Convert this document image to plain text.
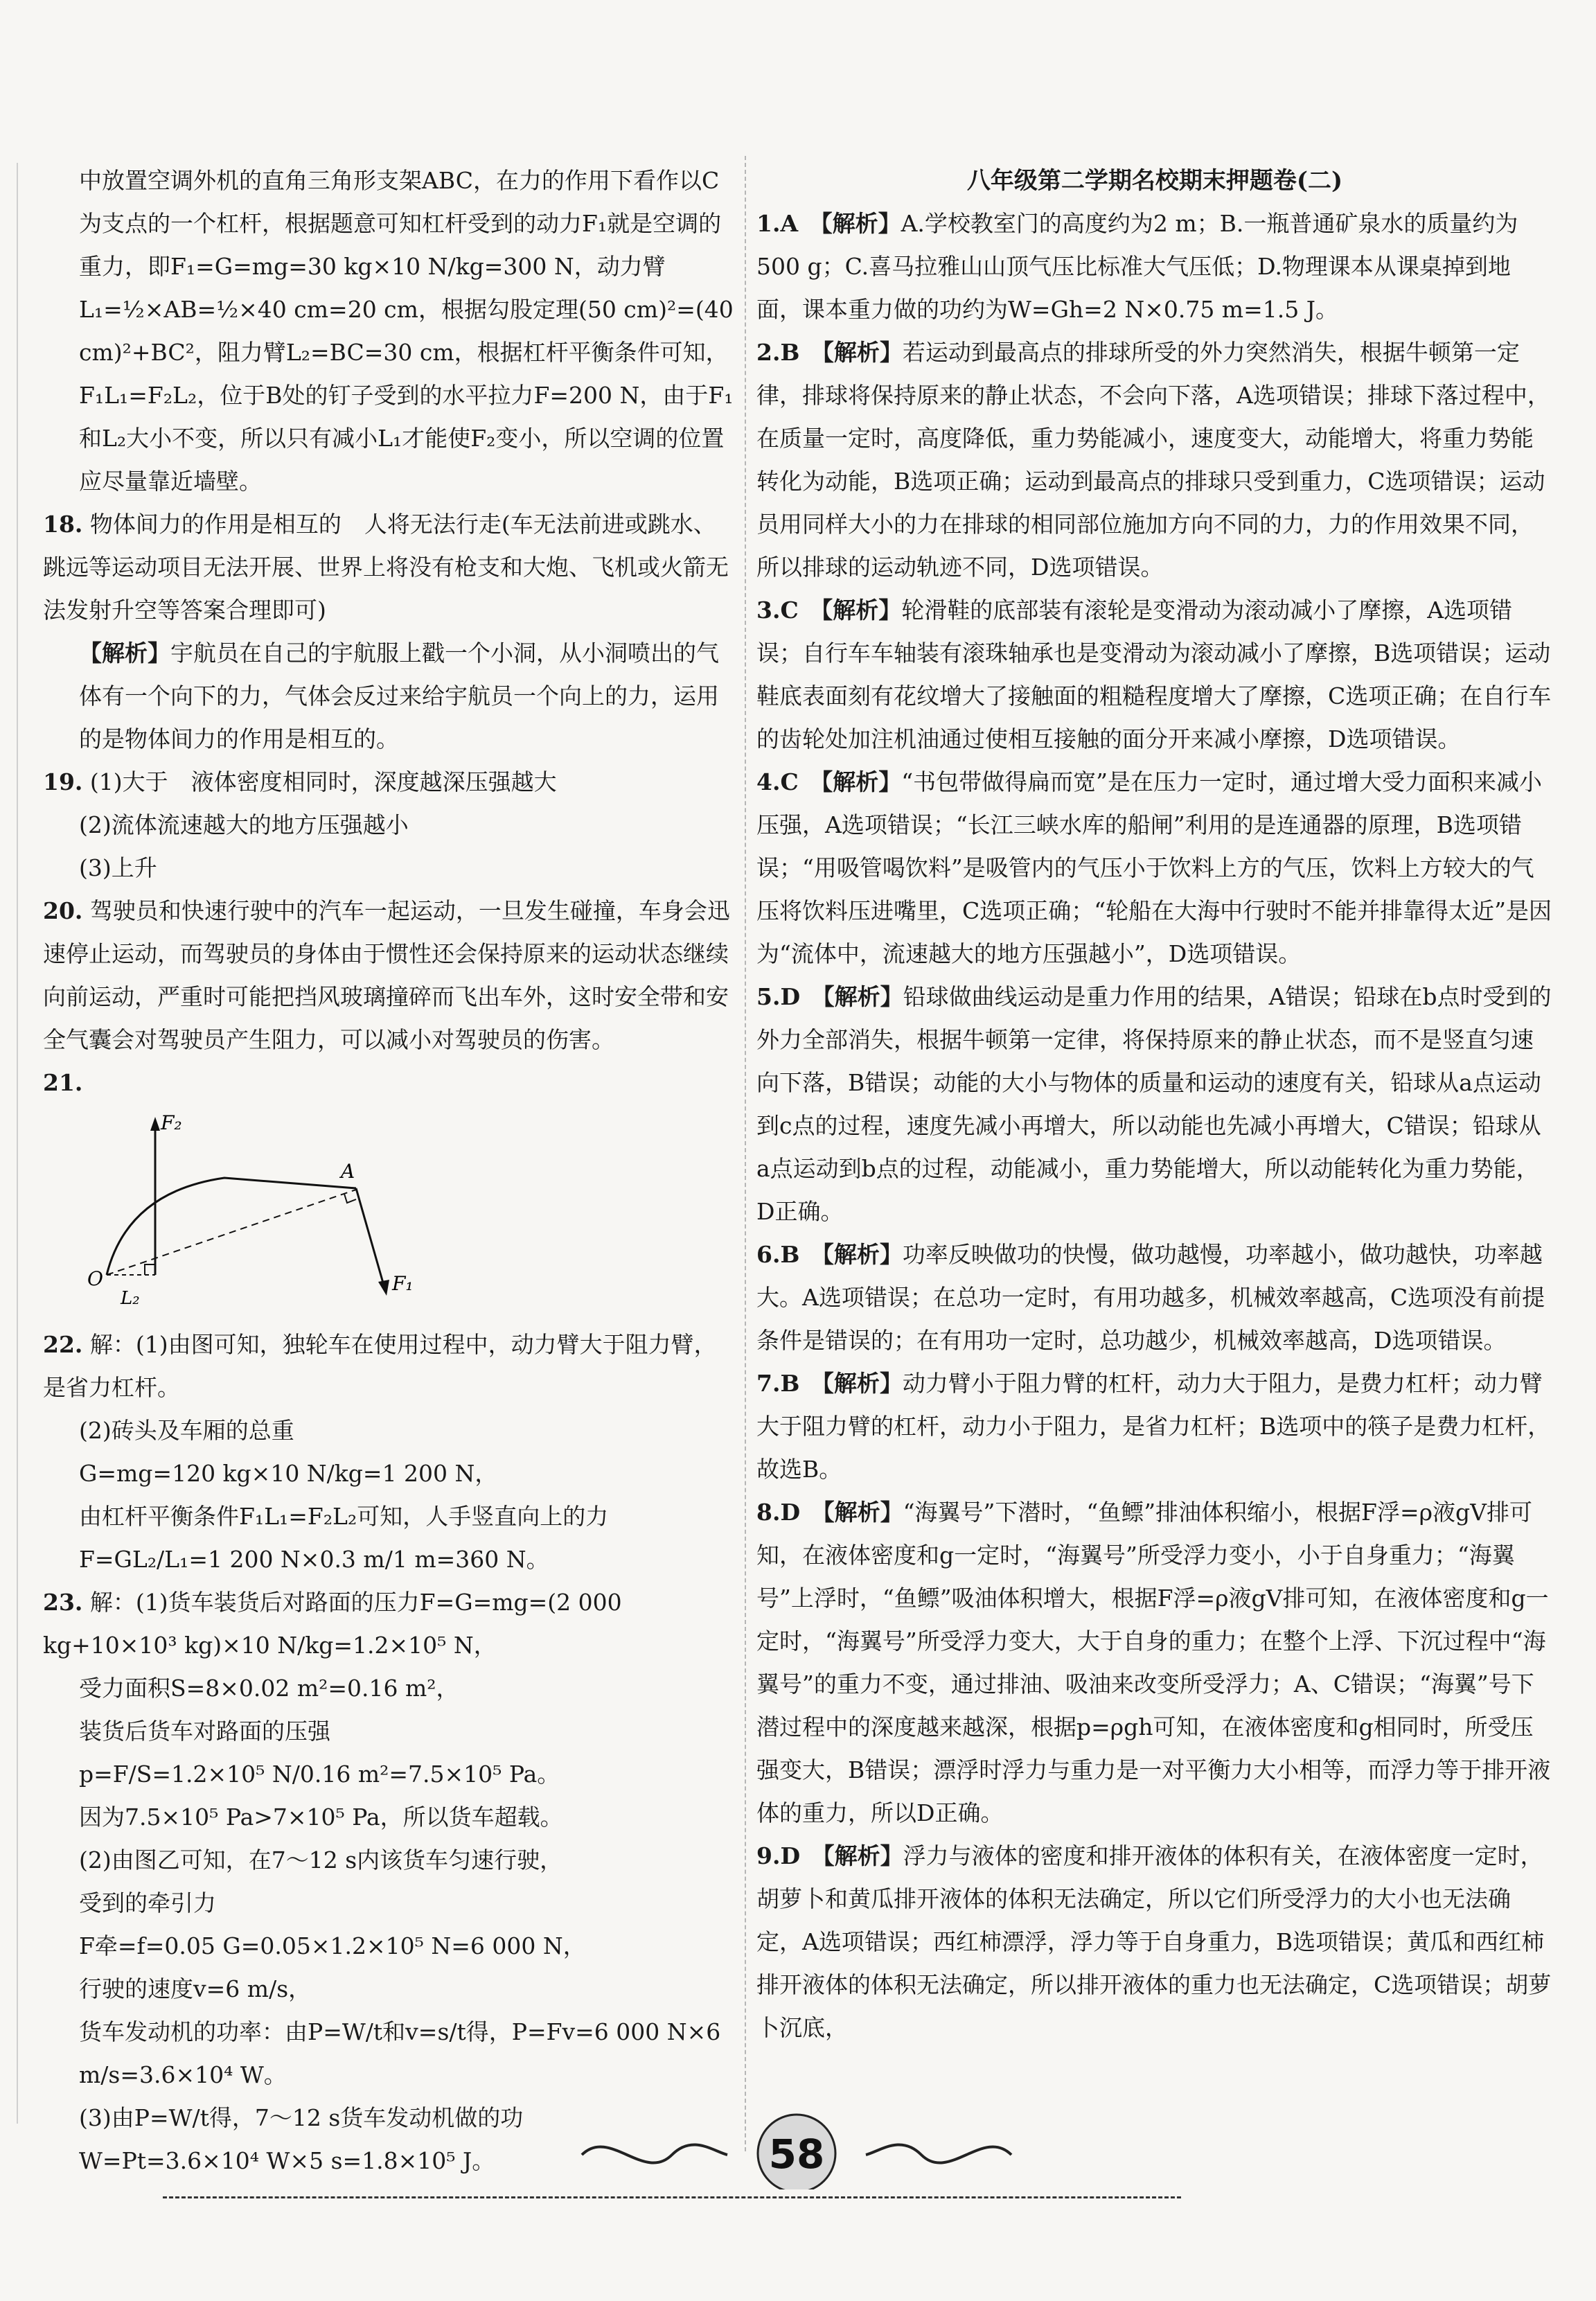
中放置空调外机的直角三角形支架ABC，在力的作用下看作以C为支点的一个杠杆，根据题意可知杠杆受到的动力F₁就是空调的重力，即F₁=G=mg=30 kg×10 N/kg=300 N，动力臂L₁=½×AB=½×40 cm=20 cm，根据勾股定理(50 cm)²=(40 cm)²+BC²，阻力臂L₂=BC=30 cm，根据杠杆平衡条件可知，F₁L₁=F₂L₂，位于B处的钉子受到的水平拉力F=200 N，由于F₁和L₂大小不变，所以只有减小L₁才能使F₂变小，所以空调的位置应尽量靠近墙壁。

18. 物体间力的作用是相互的　人将无法行走(车无法前进或跳水、跳远等运动项目无法开展、世界上将没有枪支和大炮、飞机或火箭无法发射升空等答案合理即可)

【解析】宇航员在自己的宇航服上戳一个小洞，从小洞喷出的气体有一个向下的力，气体会反过来给宇航员一个向上的力，运用的是物体间力的作用是相互的。

19. (1)大于　液体密度相同时，深度越深压强越大

(2)流体流速越大的地方压强越小

(3)上升

20. 驾驶员和快速行驶中的汽车一起运动，一旦发生碰撞，车身会迅速停止运动，而驾驶员的身体由于惯性还会保持原来的运动状态继续向前运动，严重时可能把挡风玻璃撞碎而飞出车外，这时安全带和安全气囊会对驾驶员产生阻力，可以减小对驾驶员的伤害。

21.

F₂
A
O
L₂
F₁

22. 解：(1)由图可知，独轮车在使用过程中，动力臂大于阻力臂，是省力杠杆。

(2)砖头及车厢的总重

G=mg=120 kg×10 N/kg=1 200 N，

由杠杆平衡条件F₁L₁=F₂L₂可知，人手竖直向上的力

F=GL₂/L₁=1 200 N×0.3 m/1 m=360 N。

23. 解：(1)货车装货后对路面的压力F=G=mg=(2 000 kg+10×10³ kg)×10 N/kg=1.2×10⁵ N，

受力面积S=8×0.02 m²=0.16 m²，

装货后货车对路面的压强

p=F/S=1.2×10⁵ N/0.16 m²=7.5×10⁵ Pa。

因为7.5×10⁵ Pa>7×10⁵ Pa，所以货车超载。

(2)由图乙可知，在7～12 s内该货车匀速行驶，

受到的牵引力

F牵=f=0.05 G=0.05×1.2×10⁵ N=6 000 N，

行驶的速度v=6 m/s，

货车发动机的功率：由P=W/t和v=s/t得，P=Fv=6 000 N×6 m/s=3.6×10⁴ W。

(3)由P=W/t得，7～12 s货车发动机做的功

W=Pt=3.6×10⁴ W×5 s=1.8×10⁵ J。

八年级第二学期名校期末押题卷(二)

1.A　 【解析】A.学校教室门的高度约为2 m；B.一瓶普通矿泉水的质量约为500 g；C.喜马拉雅山山顶气压比标准大气压低；D.物理课本从课桌掉到地面，课本重力做的功约为W=Gh=2 N×0.75 m=1.5 J。

2.B　 【解析】若运动到最高点的排球所受的外力突然消失，根据牛顿第一定律，排球将保持原来的静止状态，不会向下落，A选项错误；排球下落过程中，在质量一定时，高度降低，重力势能减小，速度变大，动能增大，将重力势能转化为动能，B选项正确；运动到最高点的排球只受到重力，C选项错误；运动员用同样大小的力在排球的相同部位施加方向不同的力，力的作用效果不同，所以排球的运动轨迹不同，D选项错误。

3.C　 【解析】轮滑鞋的底部装有滚轮是变滑动为滚动减小了摩擦，A选项错误；自行车车轴装有滚珠轴承也是变滑动为滚动减小了摩擦，B选项错误；运动鞋底表面刻有花纹增大了接触面的粗糙程度增大了摩擦，C选项正确；在自行车的齿轮处加注机油通过使相互接触的面分开来减小摩擦，D选项错误。

4.C　 【解析】“书包带做得扁而宽”是在压力一定时，通过增大受力面积来减小压强，A选项错误；“长江三峡水库的船闸”利用的是连通器的原理，B选项错误；“用吸管喝饮料”是吸管内的气压小于饮料上方的气压，饮料上方较大的气压将饮料压进嘴里，C选项正确；“轮船在大海中行驶时不能并排靠得太近”是因为“流体中，流速越大的地方压强越小”，D选项错误。

5.D　 【解析】铅球做曲线运动是重力作用的结果，A错误；铅球在b点时受到的外力全部消失，根据牛顿第一定律，将保持原来的静止状态，而不是竖直匀速向下落，B错误；动能的大小与物体的质量和运动的速度有关，铅球从a点运动到c点的过程，速度先减小再增大，所以动能也先减小再增大，C错误；铅球从a点运动到b点的过程，动能减小，重力势能增大，所以动能转化为重力势能，D正确。

6.B　 【解析】功率反映做功的快慢，做功越慢，功率越小，做功越快，功率越大。A选项错误；在总功一定时，有用功越多，机械效率越高，C选项没有前提条件是错误的；在有用功一定时，总功越少，机械效率越高，D选项错误。

7.B　 【解析】动力臂小于阻力臂的杠杆，动力大于阻力，是费力杠杆；动力臂大于阻力臂的杠杆，动力小于阻力，是省力杠杆；B选项中的筷子是费力杠杆，故选B。

8.D　 【解析】“海翼号”下潜时，“鱼鳔”排油体积缩小，根据F浮=ρ液gV排可知，在液体密度和g一定时，“海翼号”所受浮力变小，小于自身重力；“海翼号”上浮时，“鱼鳔”吸油体积增大，根据F浮=ρ液gV排可知，在液体密度和g一定时，“海翼号”所受浮力变大，大于自身的重力；在整个上浮、下沉过程中“海翼号”的重力不变，通过排油、吸油来改变所受浮力；A、C错误；“海翼”号下潜过程中的深度越来越深，根据p=ρgh可知，在液体密度和g相同时，所受压强变大，B错误；漂浮时浮力与重力是一对平衡力大小相等，而浮力等于排开液体的重力，所以D正确。

9.D　 【解析】浮力与液体的密度和排开液体的体积有关，在液体密度一定时，胡萝卜和黄瓜排开液体的体积无法确定，所以它们所受浮力的大小也无法确定，A选项错误；西红柿漂浮，浮力等于自身重力，B选项错误；黄瓜和西红柿排开液体的体积无法确定，所以排开液体的重力也无法确定，C选项错误；胡萝卜沉底，

58
